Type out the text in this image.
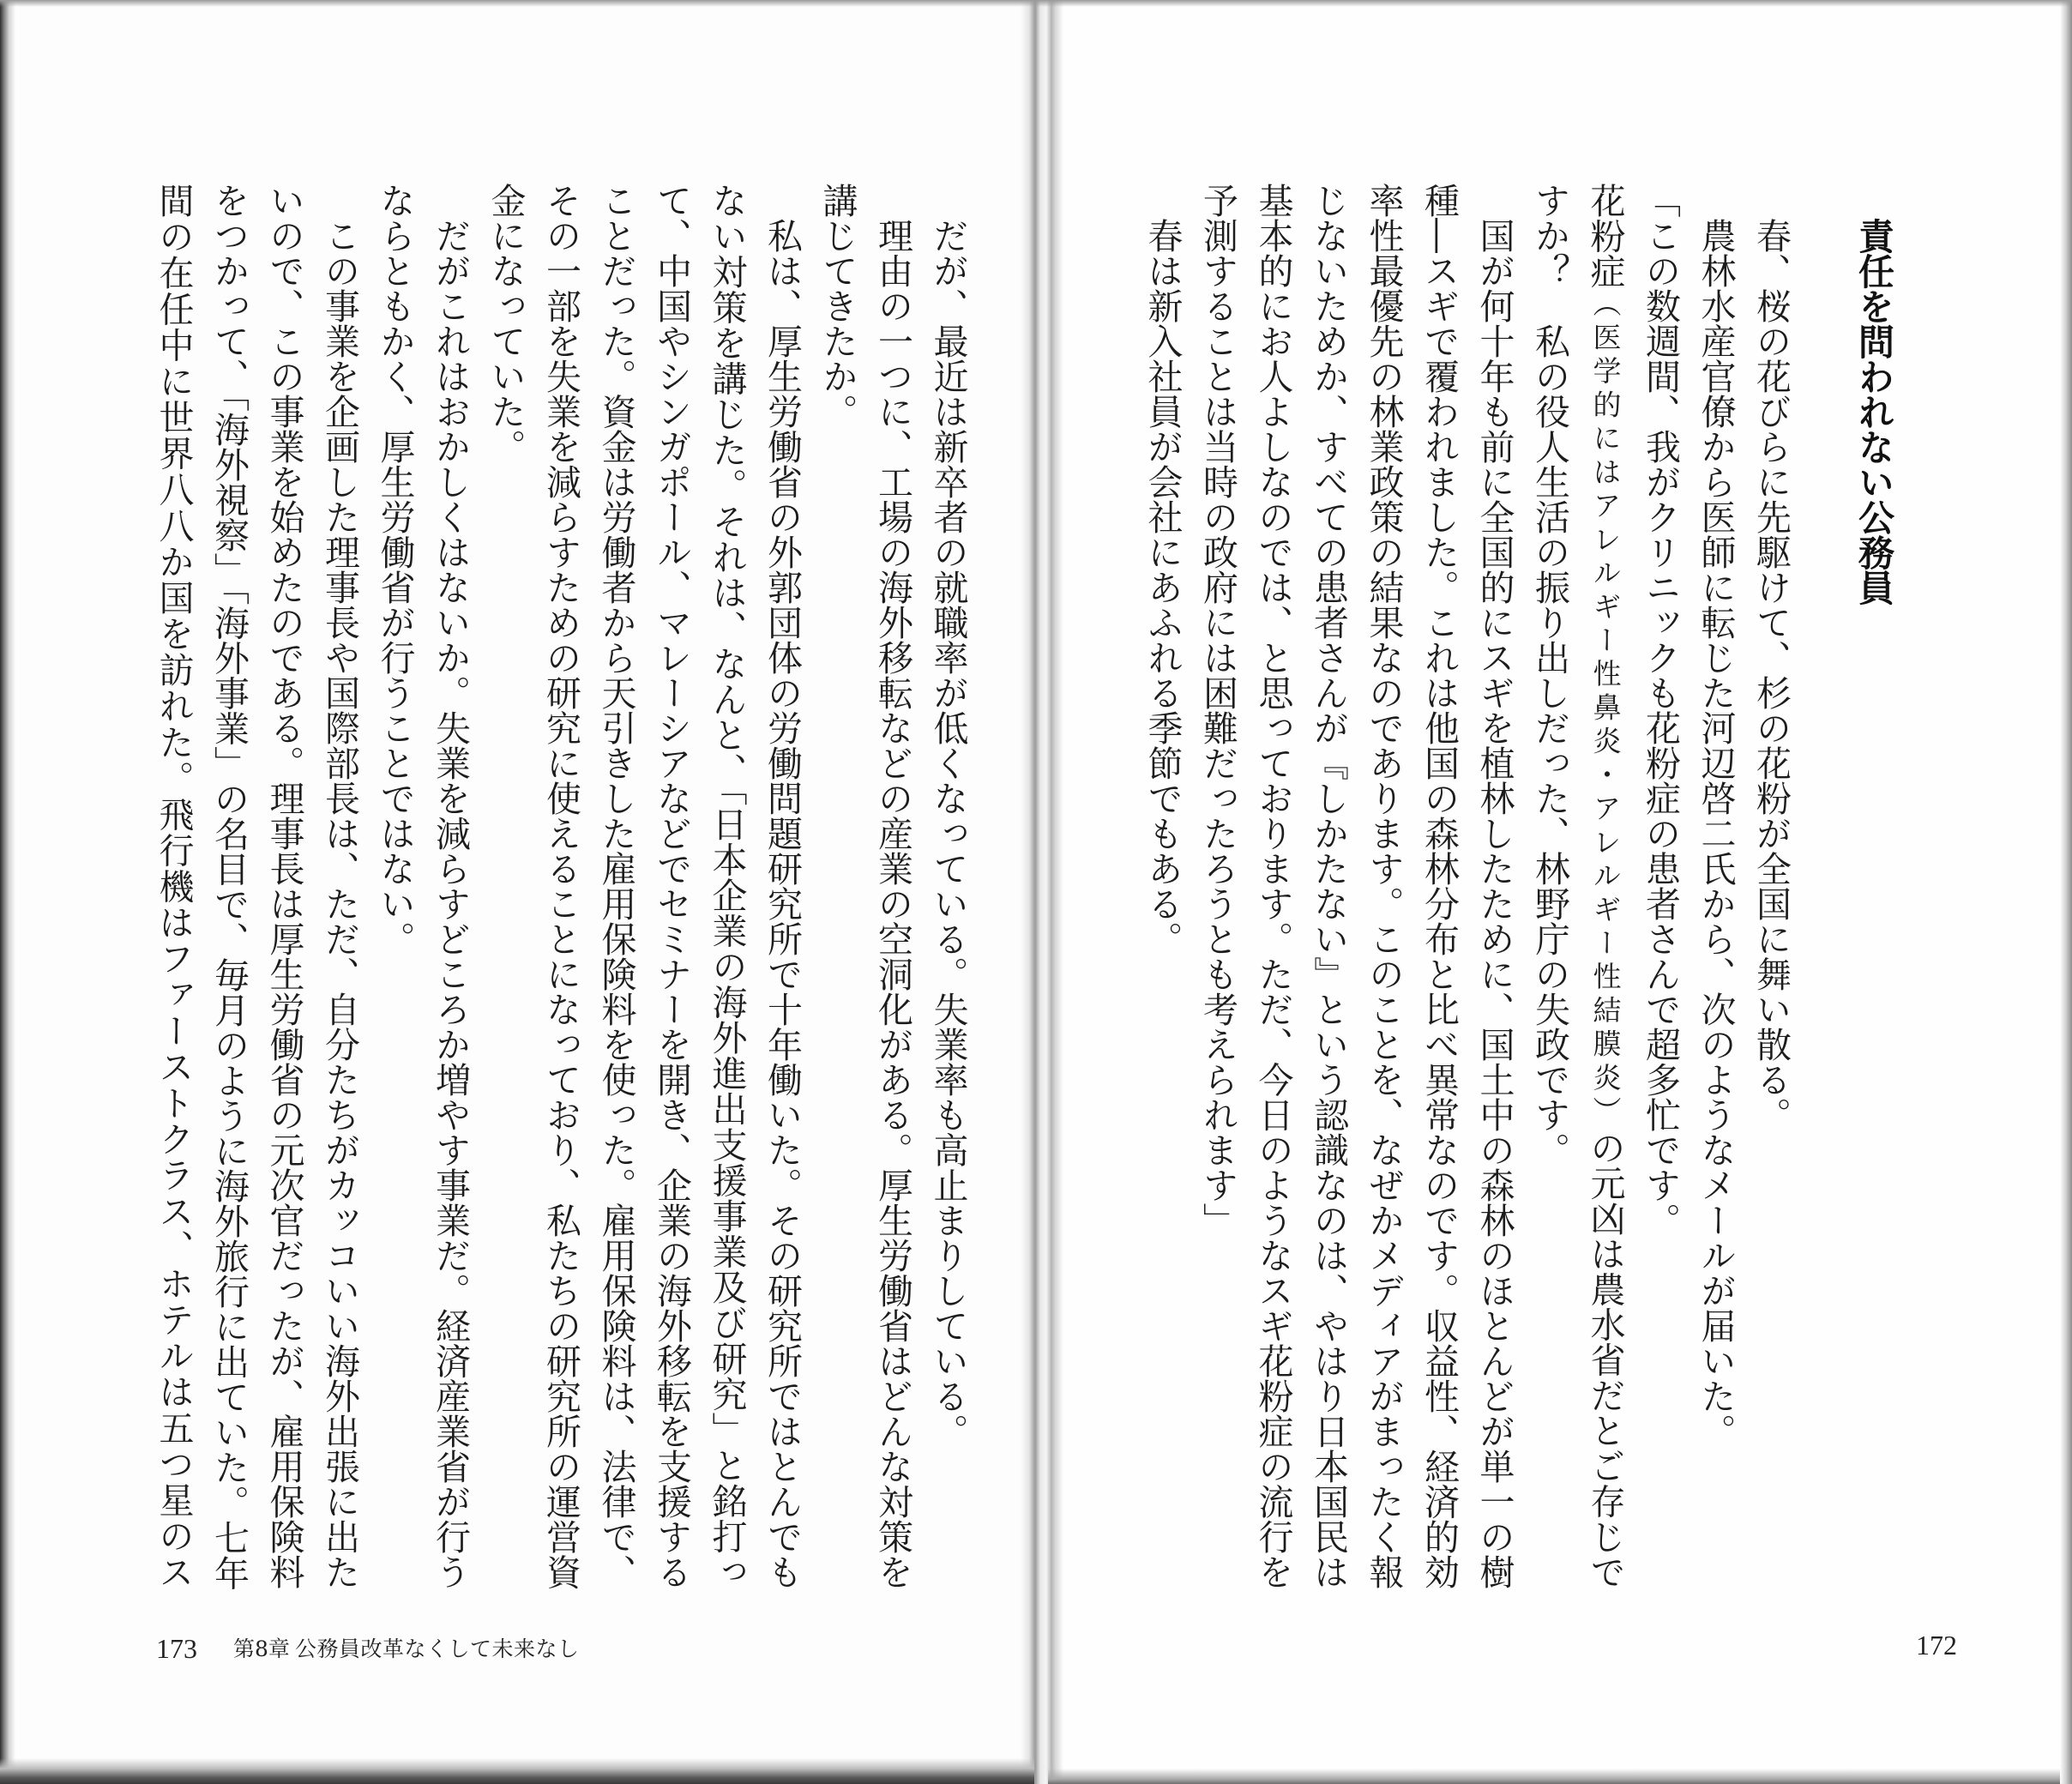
だが、最近は新卒者の就職率が低くなっている。失業率も高止まりしている。
理由の一つに、工場の海外移転などの産業の空洞化がある。厚生労働省はどんな対策を
講じてきたか。
私は、厚生労働省の外郭団体の労働問題研究所で十年働いた。その研究所ではとんでも
ない対策を講じた。それは、なんと、「日本企業の海外進出支援事業及び研究」と銘打っ
て、中国やシンガポール、マレーシアなどでセミナーを開き、企業の海外移転を支援する
ことだった。資金は労働者から天引きした雇用保険料を使った。雇用保険料は、法律で、
その一部を失業を減らすための研究に使えることになっており、私たちの研究所の運営資
金になっていた。
だがこれはおかしくはないか。失業を減らすどころか増やす事業だ。経済産業省が行う
ならともかく、厚生労働省が行うことではない。
この事業を企画した理事長や国際部長は、ただ、自分たちがカッコいい海外出張に出た
いので、この事業を始めたのである。理事長は厚生労働省の元次官だったが、雇用保険料
をつかって、「海外視察」「海外事業」の名目で、毎月のように海外旅行に出ていた。七年
間の在任中に世界八八か国を訪れた。飛行機はファーストクラス、ホテルは五つ星のス
173 第8章 公務員改革なくして未来なし
責任を問われない公務員
春、桜の花びらに先駆けて、杉の花粉が全国に舞い散る。
農林水産官僚から医師に転じた河辺啓二氏から、次のようなメールが届いた。
「この数週間、我がクリニックも花粉症の患者さんで超多忙です。
花粉症（医学的にはアレルギー性鼻炎・アレルギー性結膜炎）の元凶は農水省だとご存じで
すか？　私の役人生活の振り出しだった、林野庁の失政です。
国が何十年も前に全国的にスギを植林したために、国土中の森林のほとんどが単一の樹
種―スギで覆われました。これは他国の森林分布と比べ異常なのです。収益性、経済的効
率性最優先の林業政策の結果なのであります。このことを、なぜかメディアがまったく報
じないためか、すべての患者さんが『しかたない』という認識なのは、やはり日本国民は
基本的にお人よしなのでは、と思っております。ただ、今日のようなスギ花粉症の流行を
予測することは当時の政府には困難だったろうとも考えられます」
春は新入社員が会社にあふれる季節でもある。
172
